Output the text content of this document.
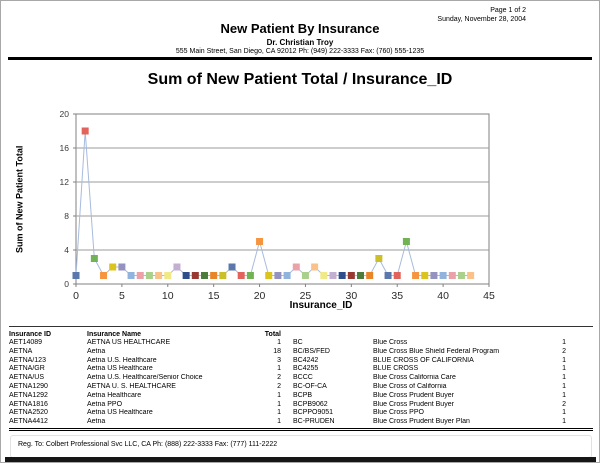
Page 1 of 2
Sunday, November 28, 2004
New Patient By Insurance
Dr. Christian Troy
555 Main Street, San Diego, CA 92012 Ph: (949) 222-3333 Fax: (760) 555-1235
Sum of New Patient Total / Insurance_ID
Sum of New Patient Total
0
4
8
12
16
20
0	5	10	15	20	25	30	35	40	45
Insurance_ID
Insurance ID	Insurance Name	Total
AET14089	AETNA US HEALTHCARE	1 BC	Blue Cross	1
AETNA	Aetna	18 BC/BS/FED	Blue Cross Blue Shield Federal Program	2
AETNA/123	Aetna U.S. Healthcare	3 BC4242	BLUE CROSS OF CALIFORNIA	1
AETNA/GR	Aetna US Healthcare	1 BC4255	BLUE CROSS	1
AETNA/US	Aetna U.S. Healthcare/Senior Choice	2 BCCC	Blue Cross California Care	1
AETNA1290	AETNA U. S. HEALTHCARE	2 BC-OF-CA	Blue Cross of California	1
AETNA1292	Aetna Healthcare	1 BCPB	Blue Cross Prudent Buyer	1
AETNA1816	Aetna PPO	1 BCPB9062	Blue Cross Prudent Buyer	2
AETNA2520	Aetna US Healthcare	1 BCPPO9051	Blue Cross PPO	1
AETNA4412	Aetna	1 BC-PRUDEN	Blue Cross Prudent Buyer Plan	1
Reg. To: Colbert Professional Svc LLC, CA Ph: (888) 222-3333 Fax: (777) 111-2222
